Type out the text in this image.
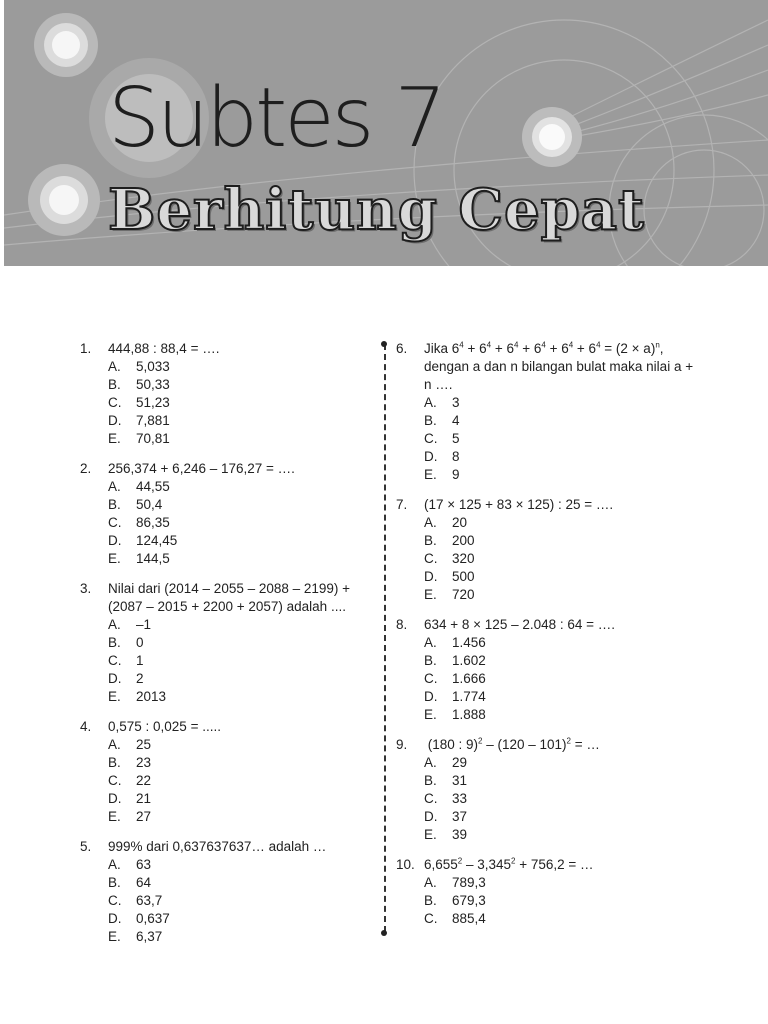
Subtes 7
Berhitung Cepat
1.	444,88 : 88,4 = ….
A.	5,033
B.	50,33
C.	51,23
D.	7,881
E.	70,81
2.	256,374 + 6,246 – 176,27 = ….
A.	44,55
B.	50,4
C.	86,35
D.	124,45
E.	144,5
3.	Nilai dari (2014 – 2055 – 2088 – 2199) + (2087 – 2015 + 2200 + 2057) adalah ....
A.	–1
B.	0
C.	1
D.	2
E.	2013
4.	0,575 : 0,025 = .....
A.	25
B.	23
C.	22
D.	21
E.	27
5.	999% dari 0,637637637… adalah …
A.	63
B.	64
C.	63,7
D.	0,637
E.	6,37
6.	Jika $6^4 + 6^4 + 6^4 + 6^4 + 6^4 + 6^4 = (2 \times a)^n$, dengan a dan n bilangan bulat maka nilai a + n ….
A.	3
B.	4
C.	5
D.	8
E.	9
7.	(17 × 125 + 83 × 125) : 25 = ….
A.	20
B.	200
C.	320
D.	500
E.	720
8.	634 + 8 × 125 – 2.048 : 64 = ….
A.	1.456
B.	1.602
C.	1.666
D.	1.774
E.	1.888
9.	(180 : 9)$^2$ – (120 – 101)$^2$ = …
A.	29
B.	31
C.	33
D.	37
E.	39
10. $6,655^2 - 3,345^2 + 756,2$ = …
A.	789,3
B.	679,3
C.	885,4
